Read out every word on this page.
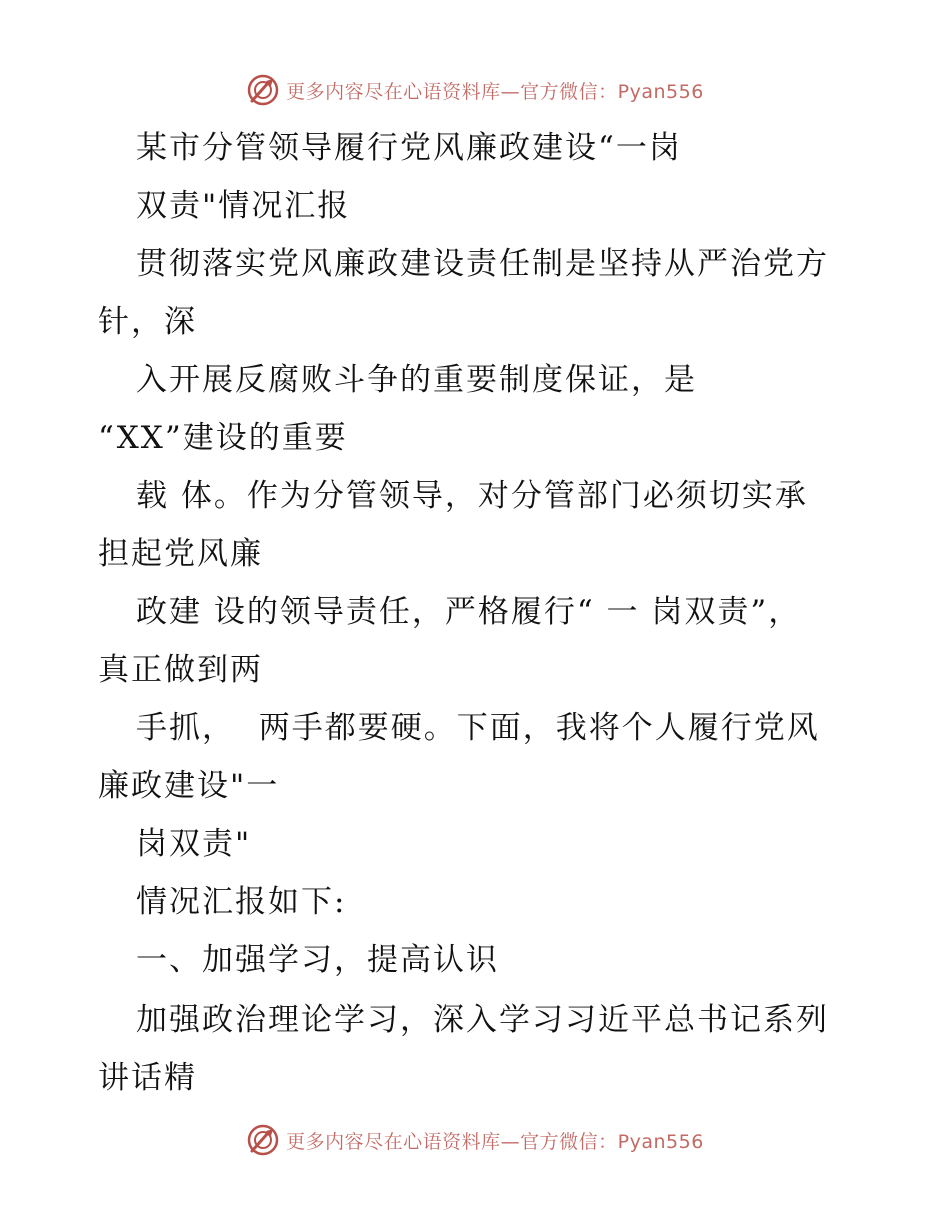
更多内容尽在心语资料库—官方微信：Pyan556
某市分管领导履行党风廉政建设“一岗
双责"情况汇报
贯彻落实党风廉政建设责任制是坚持从严治党方
针，深
入开展反腐败斗争的重要制度保证，是
“XX”建设的重要
载 体。作为分管领导，对分管部门必须切实承
担起党风廉
政建 设的领导责任，严格履行“ 一 岗双责”，
真正做到两
手抓，  两手都要硬。下面，我将个人履行党风
廉政建设"一
岗双责"
情况汇报如下:
一、加强学习，提高认识
加强政治理论学习，深入学习习近平总书记系列
讲话精
更多内容尽在心语资料库—官方微信：Pyan556
